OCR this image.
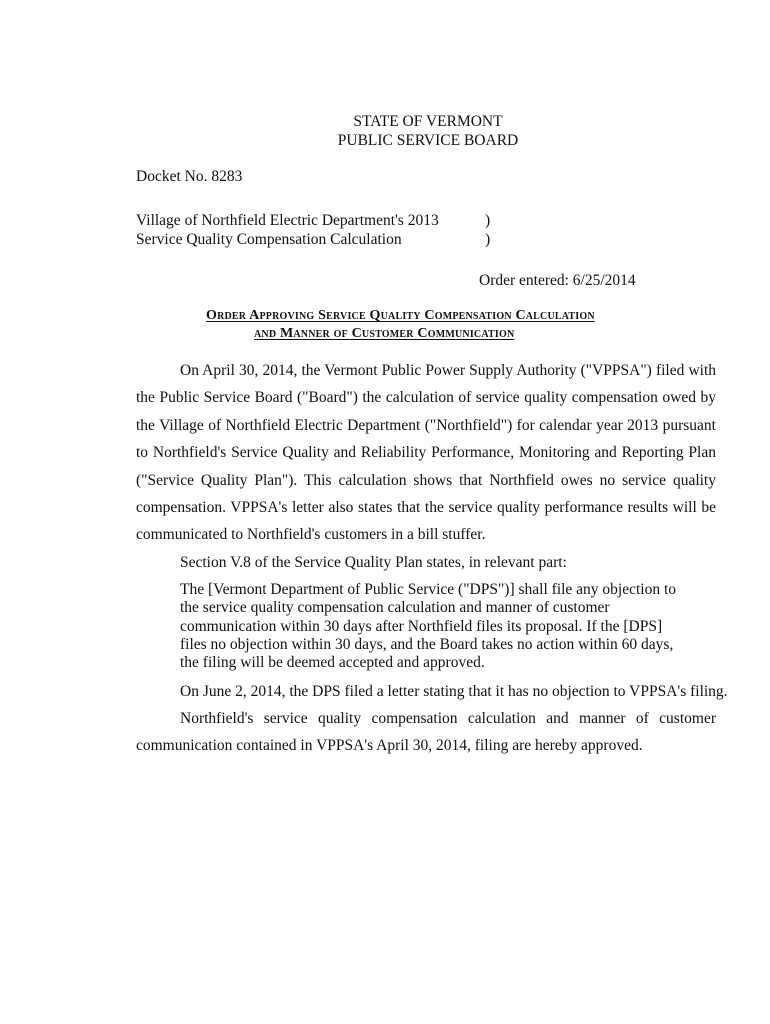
STATE OF VERMONT
PUBLIC SERVICE BOARD
Docket No. 8283
Village of Northfield Electric Department's 2013	)
Service Quality Compensation Calculation	)
Order entered: 6/25/2014
Order Approving Service Quality Compensation Calculation
and Manner of Customer Communication
On April 30, 2014, the Vermont Public Power Supply Authority ("VPPSA") filed with the Public Service Board ("Board") the calculation of service quality compensation owed by the Village of Northfield Electric Department ("Northfield") for calendar year 2013 pursuant to Northfield's Service Quality and Reliability Performance, Monitoring and Reporting Plan ("Service Quality Plan"). This calculation shows that Northfield owes no service quality compensation. VPPSA's letter also states that the service quality performance results will be communicated to Northfield's customers in a bill stuffer.
Section V.8 of the Service Quality Plan states, in relevant part:
The [Vermont Department of Public Service ("DPS")] shall file any objection to the service quality compensation calculation and manner of customer communication within 30 days after Northfield files its proposal. If the [DPS] files no objection within 30 days, and the Board takes no action within 60 days, the filing will be deemed accepted and approved.
On June 2, 2014, the DPS filed a letter stating that it has no objection to VPPSA's filing.
Northfield's service quality compensation calculation and manner of customer communication contained in VPPSA's April 30, 2014, filing are hereby approved.
